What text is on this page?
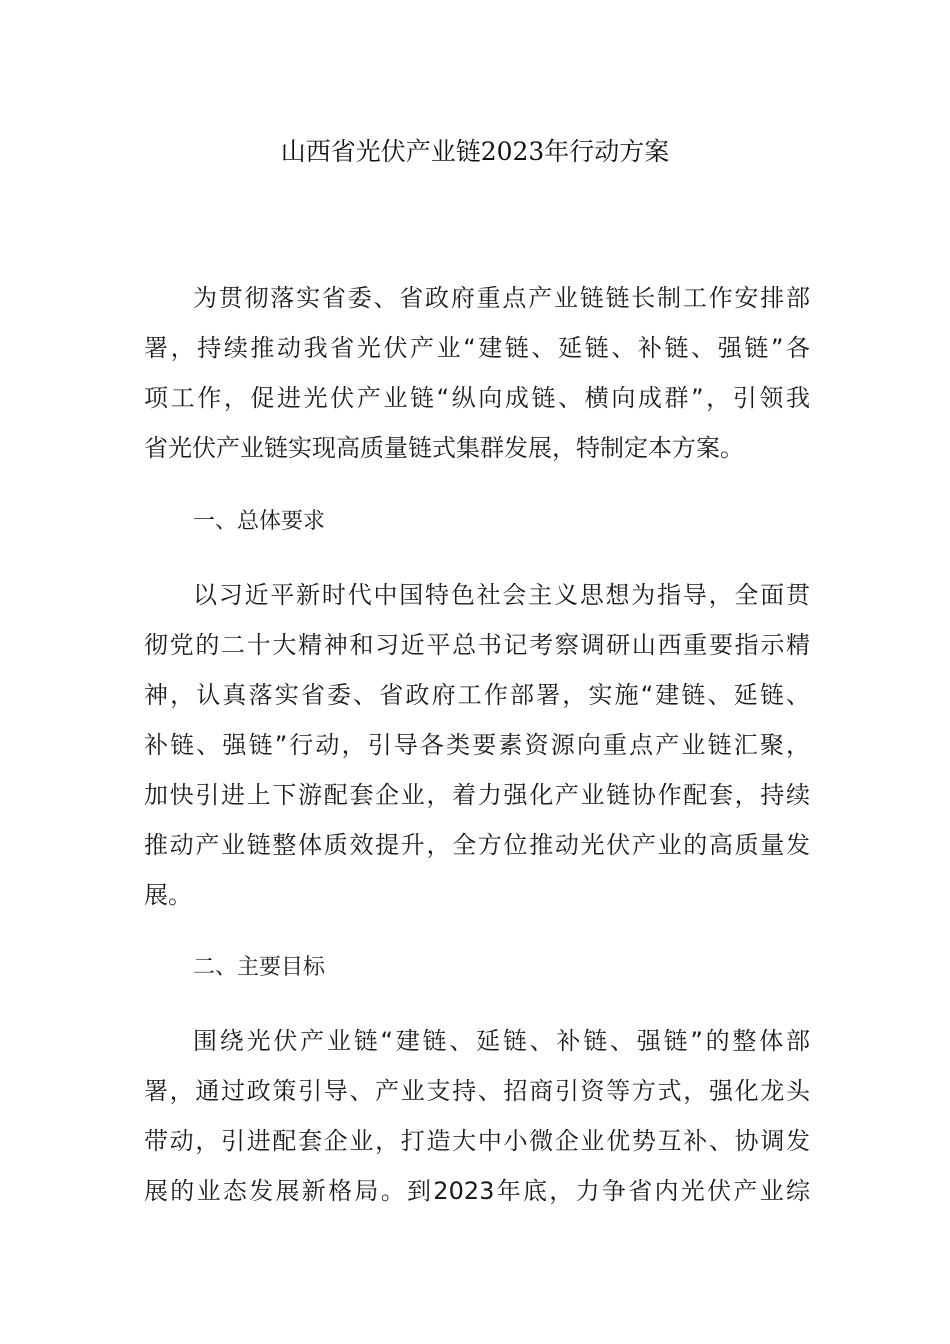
山西省光伏产业链2023年行动方案
为贯彻落实省委、省政府重点产业链链长制工作安排部
署，持续推动我省光伏产业“建链、延链、补链、强链”各
项工作，促进光伏产业链“纵向成链、横向成群”，引领我
省光伏产业链实现高质量链式集群发展，特制定本方案。
一、总体要求
以习近平新时代中国特色社会主义思想为指导，全面贯
彻党的二十大精神和习近平总书记考察调研山西重要指示精
神，认真落实省委、省政府工作部署，实施“建链、延链、
补链、强链”行动，引导各类要素资源向重点产业链汇聚，
加快引进上下游配套企业，着力强化产业链协作配套，持续
推动产业链整体质效提升，全方位推动光伏产业的高质量发
展。
二、主要目标
围绕光伏产业链“建链、延链、补链、强链”的整体部
署，通过政策引导、产业支持、招商引资等方式，强化龙头
带动，引进配套企业，打造大中小微企业优势互补、协调发
展的业态发展新格局。到2023年底，力争省内光伏产业综
